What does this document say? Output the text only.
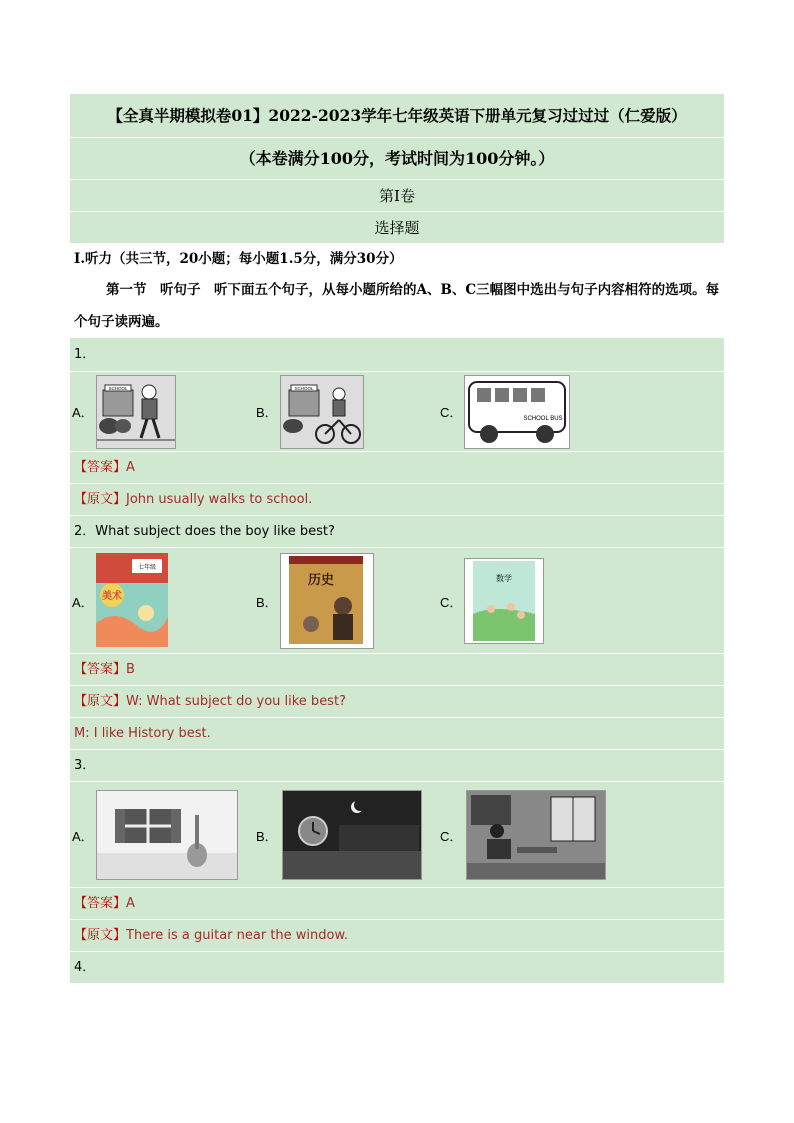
【全真半期模拟卷01】2022-2023学年七年级英语下册单元复习过过过（仁爱版）
（本卷满分100分，考试时间为100分钟。）
第Ⅰ卷
选择题
Ⅰ.听力（共三节，20小题；每小题1.5分，满分30分）
第一节　听句子　听下面五个句子，从每小题所给的A、B、C三幅图中选出与句子内容相符的选项。每个句子读两遍。
1．
A．
SCHOOL
B．
SCHOOL
C．	SCHOOL BUS
【答案】A
【原文】John usually walks to school.
2．What subject does the boy like best?
A．
七年级
美术	B．
历史
C．
数学
【答案】B
【原文】W: What subject do you like best?
M: I like History best.
3．
A．	B．	C．
【答案】A
【原文】There is a guitar near the window.
4．
